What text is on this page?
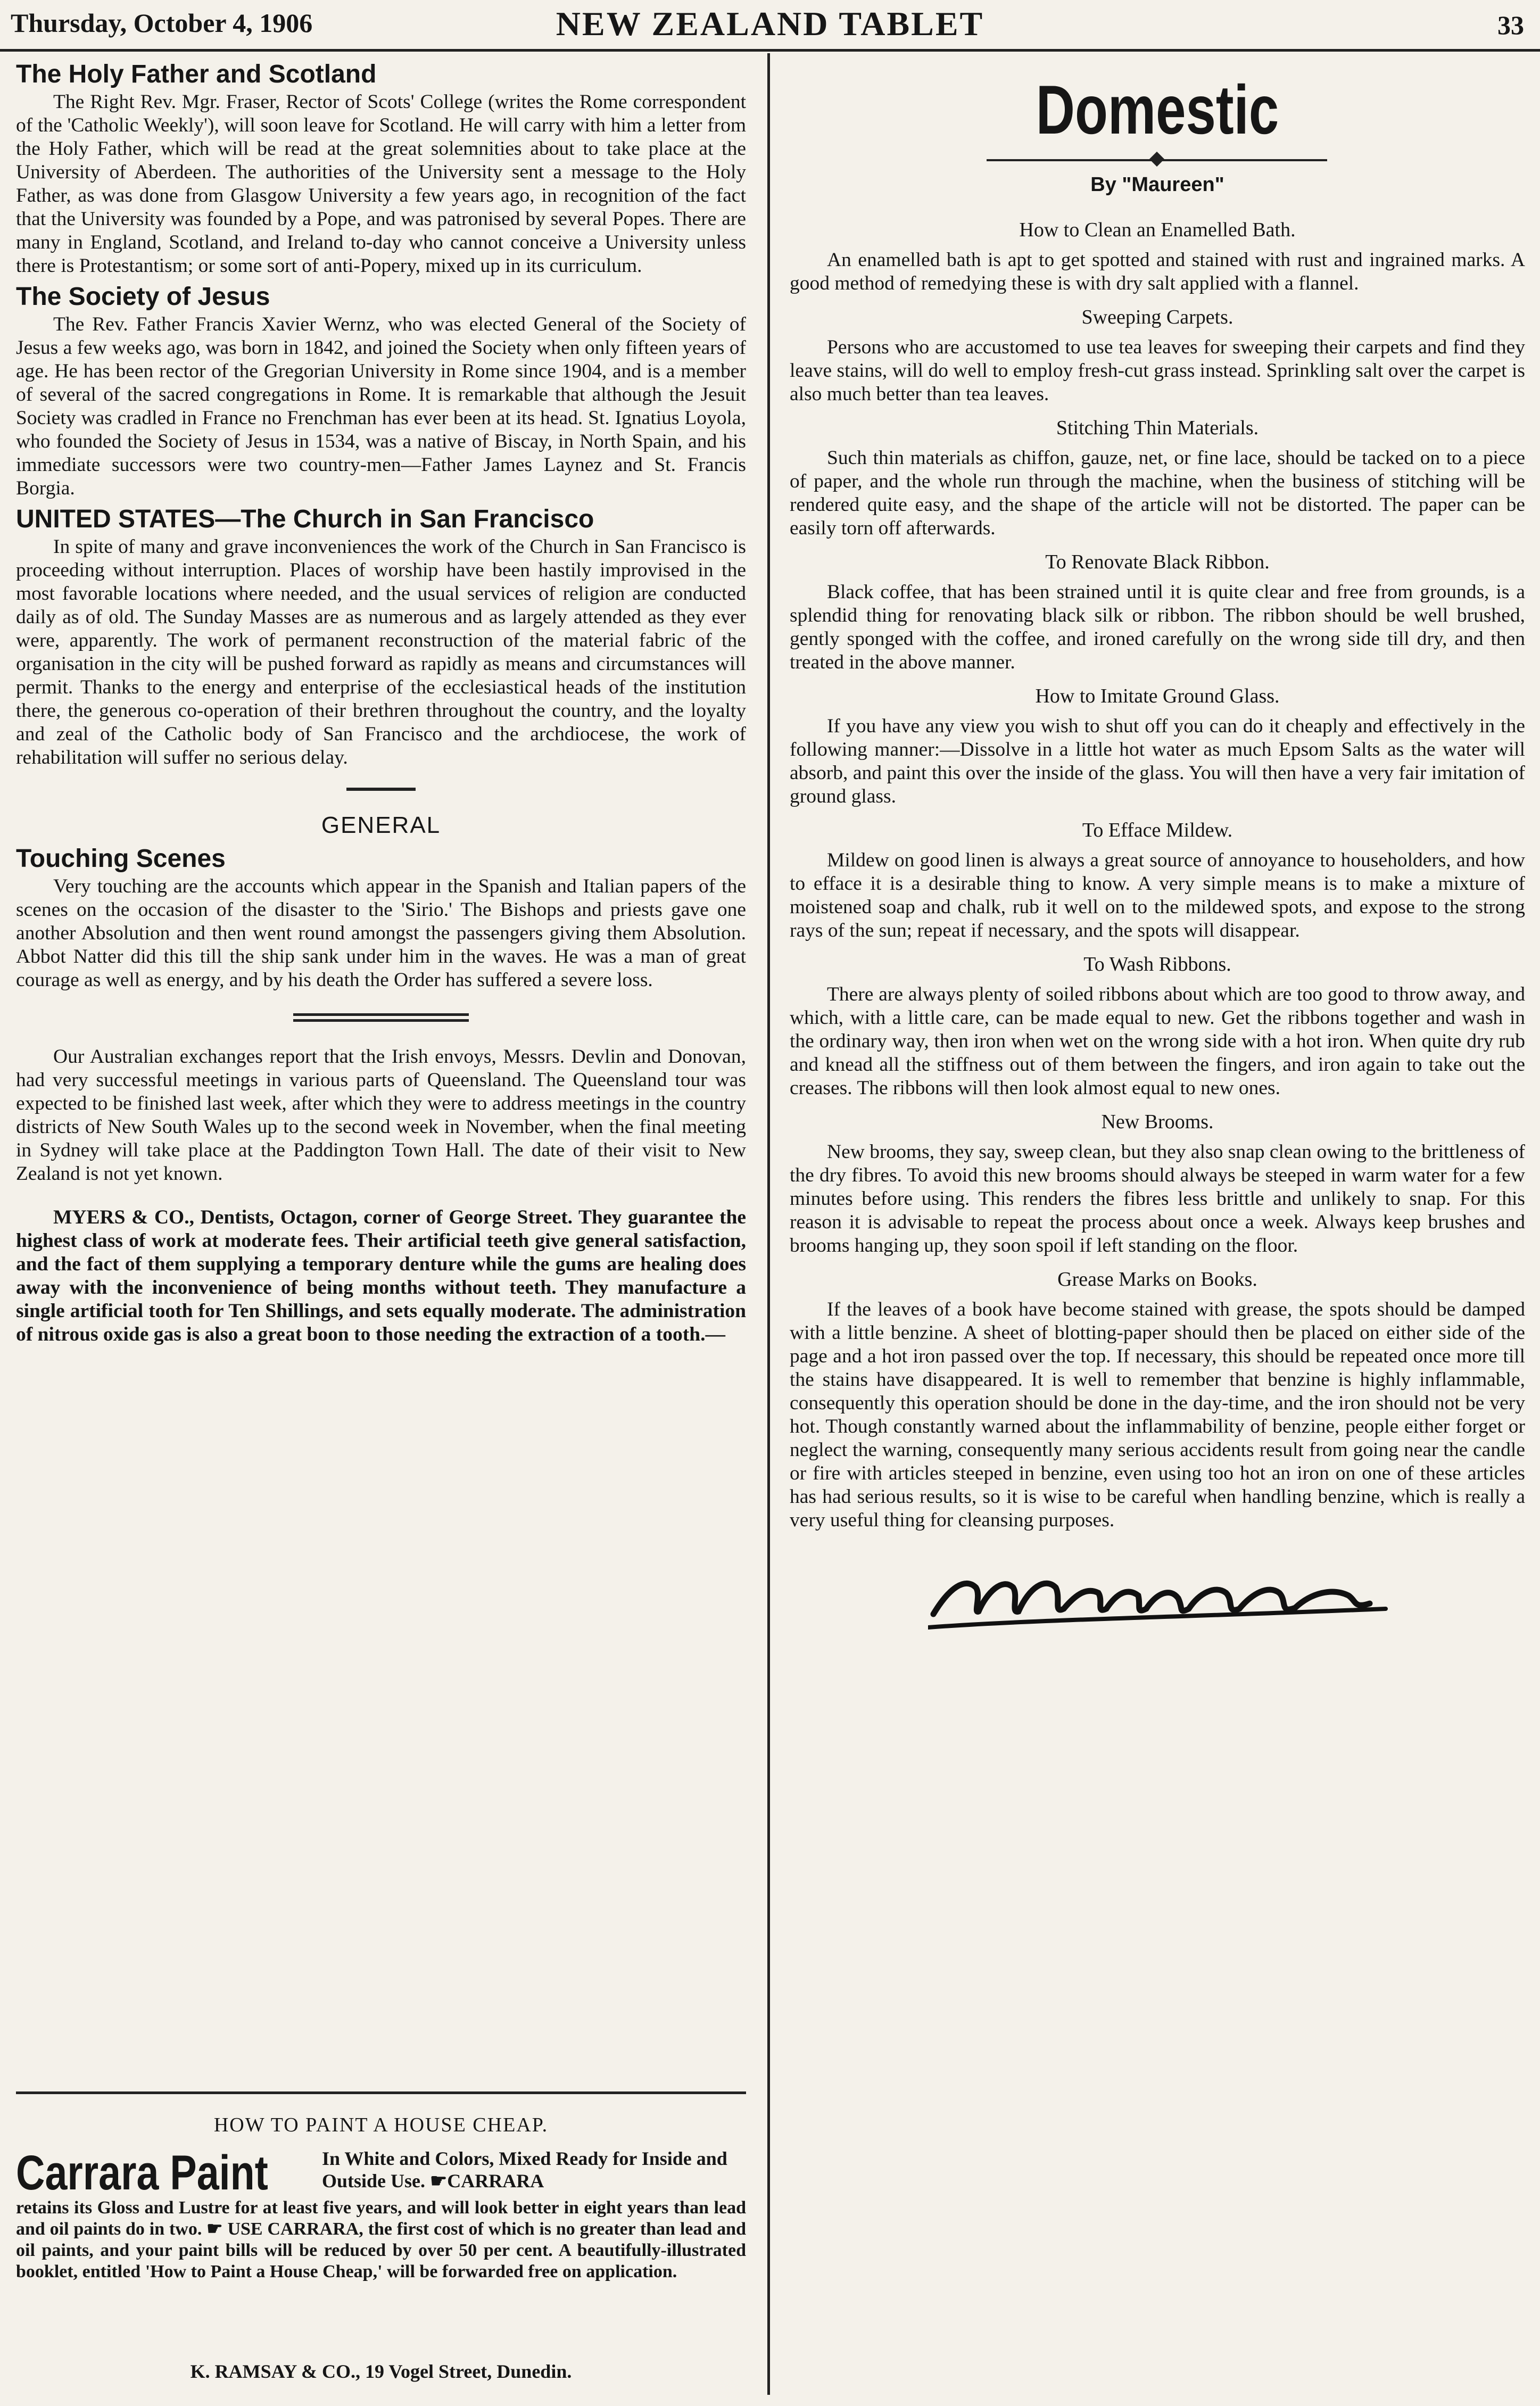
Thursday, October 4, 1906	NEW ZEALAND TABLET	33
The Holy Father and Scotland

The Right Rev. Mgr. Fraser, Rector of Scots' College (writes the Rome correspondent of the 'Catholic Weekly'), will soon leave for Scotland. He will carry with him a letter from the Holy Father, which will be read at the great solemnities about to take place at the University of Aberdeen. The authorities of the University sent a message to the Holy Father, as was done from Glasgow University a few years ago, in recognition of the fact that the University was founded by a Pope, and was patronised by several Popes. There are many in England, Scotland, and Ireland to-day who cannot conceive a University unless there is Protestantism; or some sort of anti-Popery, mixed up in its curriculum.

The Society of Jesus

The Rev. Father Francis Xavier Wernz, who was elected General of the Society of Jesus a few weeks ago, was born in 1842, and joined the Society when only fifteen years of age. He has been rector of the Gregorian University in Rome since 1904, and is a member of several of the sacred congregations in Rome. It is remarkable that although the Jesuit Society was cradled in France no Frenchman has ever been at its head. St. Ignatius Loyola, who founded the Society of Jesus in 1534, was a native of Biscay, in North Spain, and his immediate successors were two country-men—Father James Laynez and St. Francis Borgia.

UNITED STATES—The Church in San Francisco

In spite of many and grave inconveniences the work of the Church in San Francisco is proceeding without interruption. Places of worship have been hastily improvised in the most favorable locations where needed, and the usual services of religion are conducted daily as of old. The Sunday Masses are as numerous and as largely attended as they ever were, apparently. The work of permanent reconstruction of the material fabric of the organisation in the city will be pushed forward as rapidly as means and circumstances will permit. Thanks to the energy and enterprise of the ecclesiastical heads of the institution there, the generous co-operation of their brethren throughout the country, and the loyalty and zeal of the Catholic body of San Francisco and the archdiocese, the work of rehabilitation will suffer no serious delay.

GENERAL
Touching Scenes

Very touching are the accounts which appear in the Spanish and Italian papers of the scenes on the occasion of the disaster to the 'Sirio.' The Bishops and priests gave one another Absolution and then went round amongst the passengers giving them Absolution. Abbot Natter did this till the ship sank under him in the waves. He was a man of great courage as well as energy, and by his death the Order has suffered a severe loss.

Our Australian exchanges report that the Irish envoys, Messrs. Devlin and Donovan, had very successful meetings in various parts of Queensland. The Queensland tour was expected to be finished last week, after which they were to address meetings in the country districts of New South Wales up to the second week in November, when the final meeting in Sydney will take place at the Paddington Town Hall. The date of their visit to New Zealand is not yet known.

MYERS & CO., Dentists, Octagon, corner of George Street. They guarantee the highest class of work at moderate fees. Their artificial teeth give general satisfaction, and the fact of them supplying a temporary denture while the gums are healing does away with the inconvenience of being months without teeth. They manufacture a single artificial tooth for Ten Shillings, and sets equally moderate. The administration of nitrous oxide gas is also a great boon to those needing the extraction of a tooth.—

HOW TO PAINT A HOUSE CHEAP.
Carrara Paint	In White and Colors, Mixed Ready for Inside and Outside Use. ☛CARRARA
retains its Gloss and Lustre for at least five years, and will look better in eight years than lead and oil paints do in two. ☛ USE CARRARA, the first cost of which is no greater than lead and oil paints, and your paint bills will be reduced by over 50 per cent. A beautifully-illustrated booklet, entitled 'How to Paint a House Cheap,' will be forwarded free on application.
K. RAMSAY & CO., 19 Vogel Street, Dunedin.
Domestic
By "Maureen"
How to Clean an Enamelled Bath.

An enamelled bath is apt to get spotted and stained with rust and ingrained marks. A good method of remedying these is with dry salt applied with a flannel.

Sweeping Carpets.

Persons who are accustomed to use tea leaves for sweeping their carpets and find they leave stains, will do well to employ fresh-cut grass instead. Sprinkling salt over the carpet is also much better than tea leaves.

Stitching Thin Materials.

Such thin materials as chiffon, gauze, net, or fine lace, should be tacked on to a piece of paper, and the whole run through the machine, when the business of stitching will be rendered quite easy, and the shape of the article will not be distorted. The paper can be easily torn off afterwards.

To Renovate Black Ribbon.

Black coffee, that has been strained until it is quite clear and free from grounds, is a splendid thing for renovating black silk or ribbon. The ribbon should be well brushed, gently sponged with the coffee, and ironed carefully on the wrong side till dry, and then treated in the above manner.

How to Imitate Ground Glass.

If you have any view you wish to shut off you can do it cheaply and effectively in the following manner:—Dissolve in a little hot water as much Epsom Salts as the water will absorb, and paint this over the inside of the glass. You will then have a very fair imitation of ground glass.

To Efface Mildew.

Mildew on good linen is always a great source of annoyance to householders, and how to efface it is a desirable thing to know. A very simple means is to make a mixture of moistened soap and chalk, rub it well on to the mildewed spots, and expose to the strong rays of the sun; repeat if necessary, and the spots will disappear.

To Wash Ribbons.

There are always plenty of soiled ribbons about which are too good to throw away, and which, with a little care, can be made equal to new. Get the ribbons together and wash in the ordinary way, then iron when wet on the wrong side with a hot iron. When quite dry rub and knead all the stiffness out of them between the fingers, and iron again to take out the creases. The ribbons will then look almost equal to new ones.

New Brooms.

New brooms, they say, sweep clean, but they also snap clean owing to the brittleness of the dry fibres. To avoid this new brooms should always be steeped in warm water for a few minutes before using. This renders the fibres less brittle and unlikely to snap. For this reason it is advisable to repeat the process about once a week. Always keep brushes and brooms hanging up, they soon spoil if left standing on the floor.

Grease Marks on Books.

If the leaves of a book have become stained with grease, the spots should be damped with a little benzine. A sheet of blotting-paper should then be placed on either side of the page and a hot iron passed over the top. If necessary, this should be repeated once more till the stains have disappeared. It is well to remember that benzine is highly inflammable, consequently this operation should be done in the day-time, and the iron should not be very hot. Though constantly warned about the inflammability of benzine, people either forget or neglect the warning, consequently many serious accidents result from going near the candle or fire with articles steeped in benzine, even using too hot an iron on one of these articles has had serious results, so it is wise to be careful when handling benzine, which is really a very useful thing for cleansing purposes.
